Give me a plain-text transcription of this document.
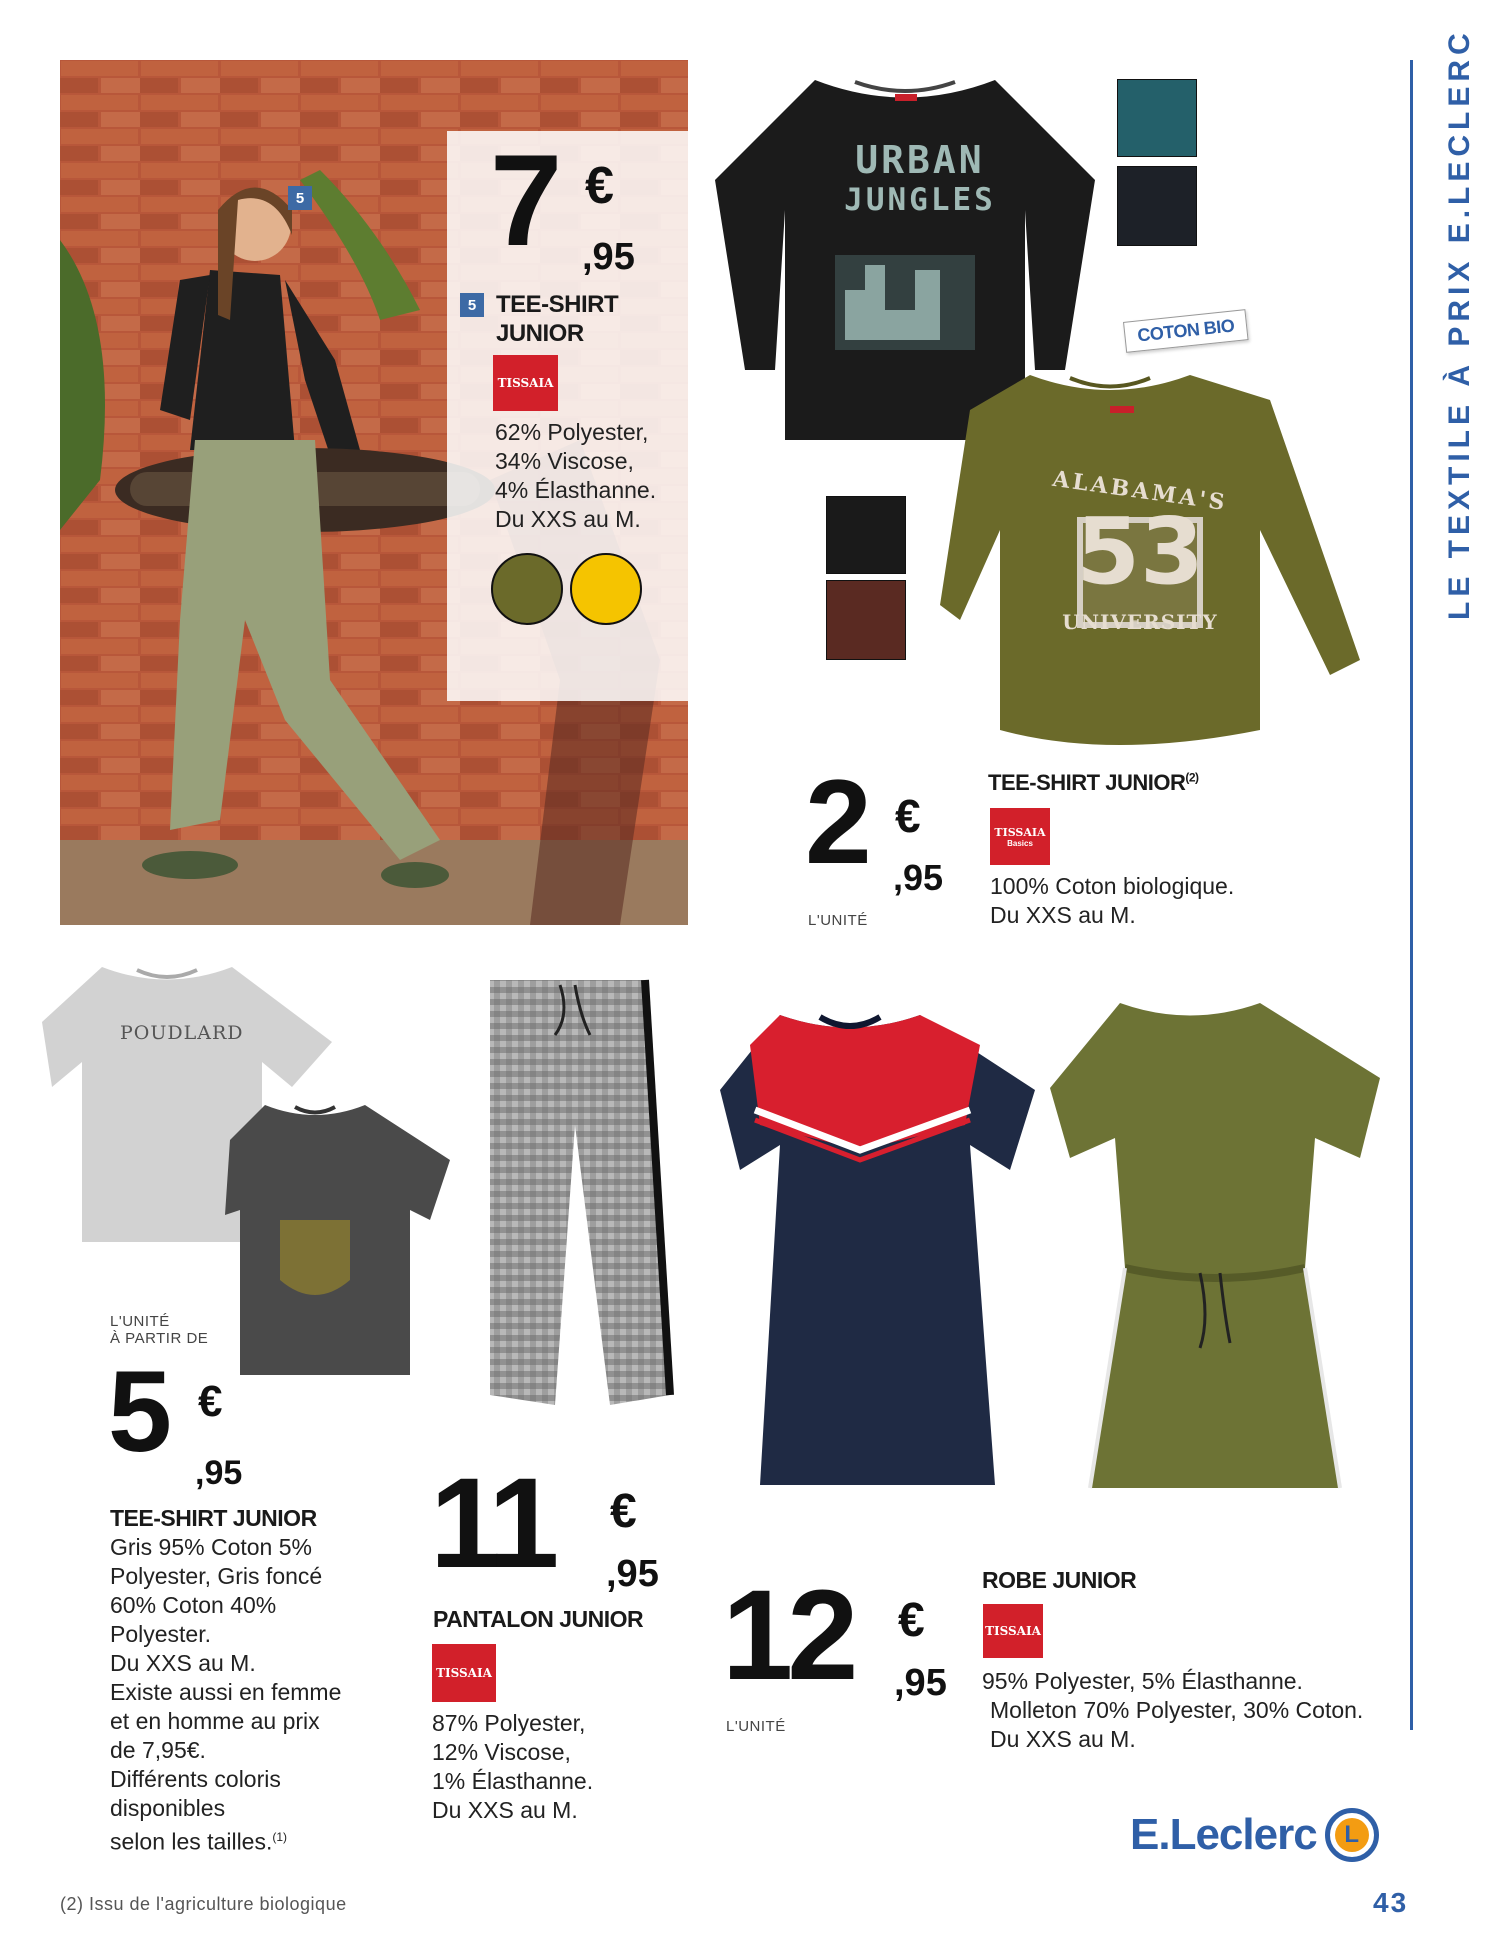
LE TEXTILE À PRIX E.LECLERC
5 7 €
,95
5 TEE-SHIRT
JUNIOR
TISSAIA
62% Polyester,
34% Viscose,
4% Élasthanne.
Du XXS au M.
URBAN
JUNGLES
COTON BIO
ALABAMA'S
53
UNIVERSITY
2 €
,95
L'UNITÉ
TEE-SHIRT JUNIOR$^{(2)}$
TISSAIA
Basics
100% Coton biologique.
Du XXS au M.
POUDLARD
L'UNITÉ
À PARTIR DE
5 €
,95
TEE-SHIRT JUNIOR
Gris 95% Coton 5%
Polyester, Gris foncé
60% Coton 40%
Polyester.
Du XXS au M.
Existe aussi en femme
et en homme au prix
de 7,95€.
Différents coloris
disponibles
selon les tailles.$^{(1)}$
11 €
,95
PANTALON JUNIOR
TISSAIA
87% Polyester,
12% Viscose,
1% Élasthanne.
Du XXS au M.
12 €
,95
L'UNITÉ
ROBE JUNIOR
TISSAIA
95% Polyester, 5% Élasthanne.
Molleton 70% Polyester, 30% Coton.
Du XXS au M.
(2) Issu de l'agriculture biologique
E.Leclerc	L
43
